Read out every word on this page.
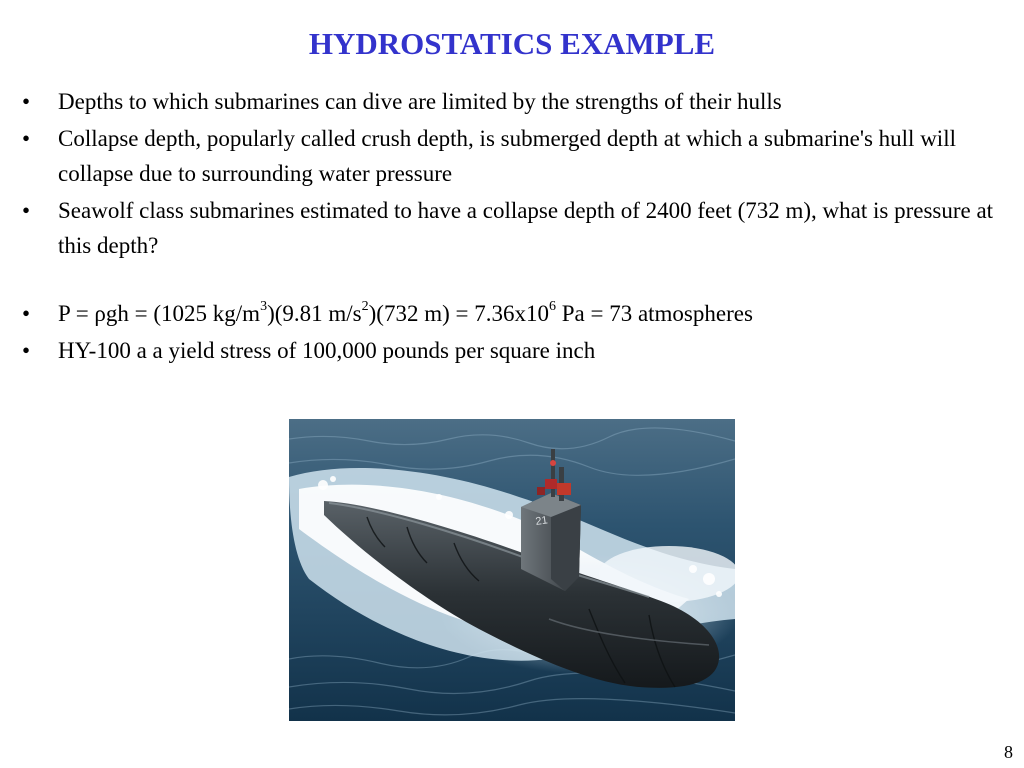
HYDROSTATICS EXAMPLE
• Depths to which submarines can dive are limited by the strengths of their hulls
• Collapse depth, popularly called crush depth, is submerged depth at which a submarine's hull will collapse due to surrounding water pressure
• Seawolf class submarines estimated to have a collapse depth of 2400 feet (732 m), what is pressure at this depth?
• P = ρgh = (1025 $kg/m^3)(9.81$ $m/s^2)(732$ $m) = 7.36x10^6$ Pa = 73 atmospheres
• HY-100 a a yield stress of 100,000 pounds per square inch
21
8
